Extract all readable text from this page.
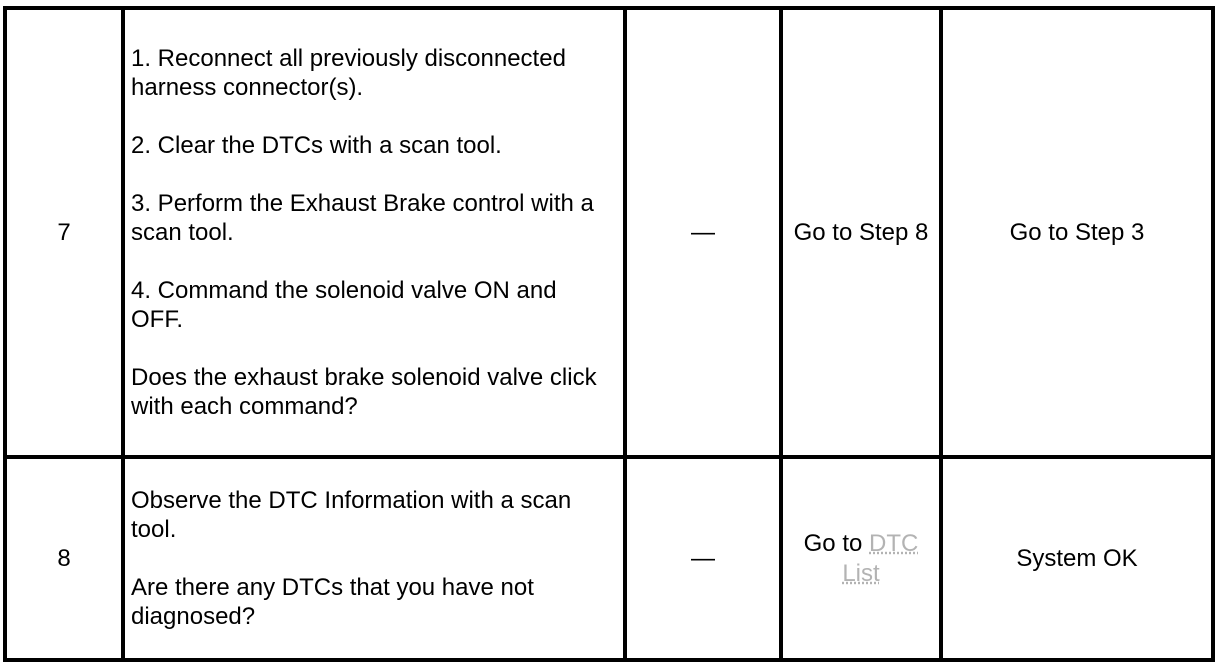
7	1. Reconnect all previously disconnected harness connector(s).

2. Clear the DTCs with a scan tool.

3. Perform the Exhaust Brake control with a scan tool.

4. Command the solenoid valve ON and OFF.

Does the exhaust brake solenoid valve click with each command?	—	Go to Step 8	Go to Step 3
8	Observe the DTC Information with a scan tool.

Are there any DTCs that you have not diagnosed?	—	Go to DTC List	System OK
